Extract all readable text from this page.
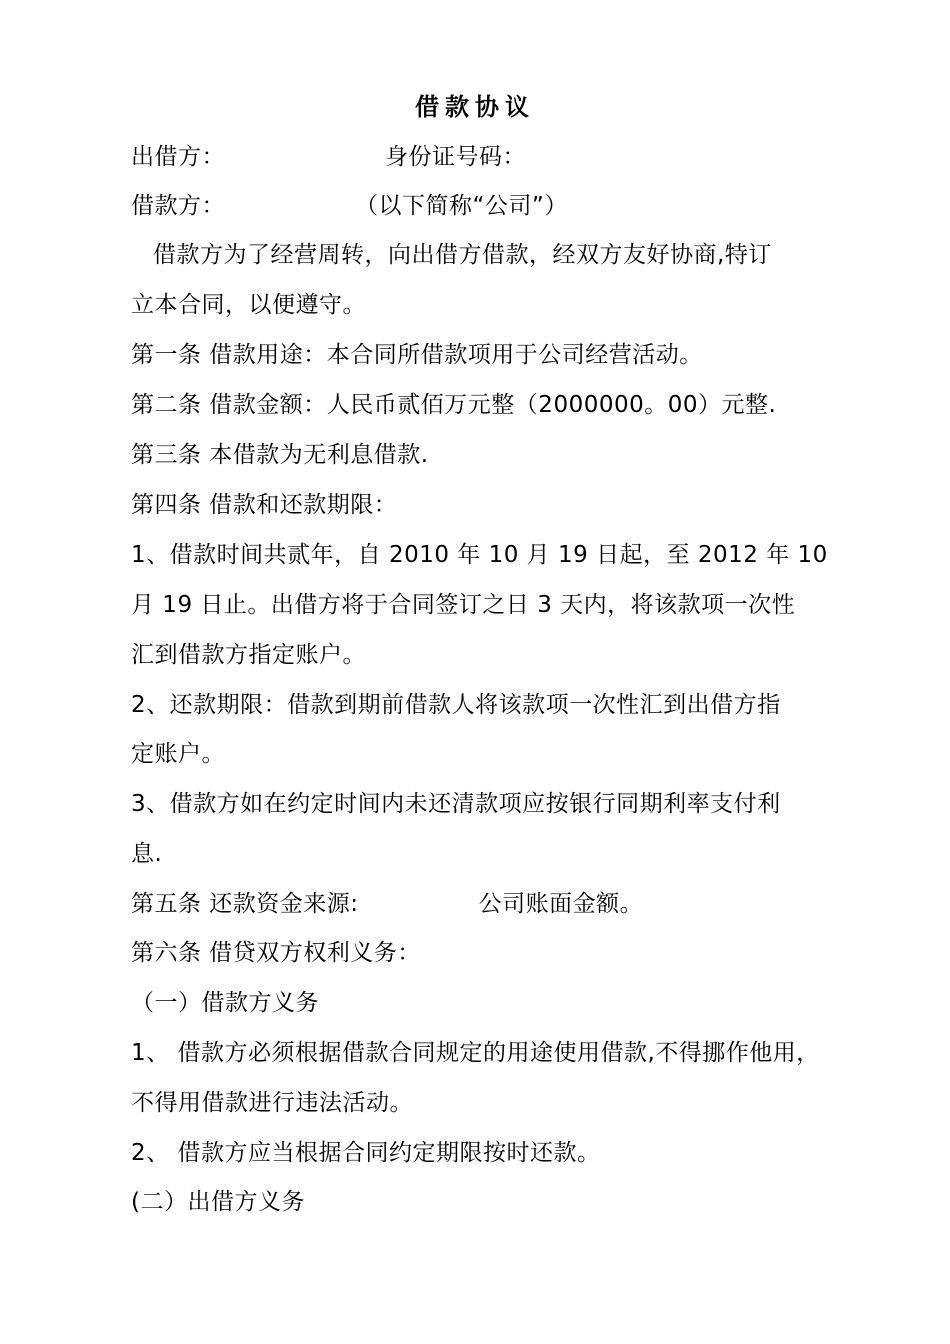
借款协议
出借方：	身份证号码：
借款方：	（以下简称“公司”）
借款方为了经营周转，向出借方借款，经双方友好协商,特订
立本合同，以便遵守。
第一条 借款用途：本合同所借款项用于公司经营活动。
第二条 借款金额：人民币贰佰万元整（2000000。00）元整.
第三条 本借款为无利息借款.
第四条 借款和还款期限：
1、借款时间共贰年，自 2010 年 10 月 19 日起，至 2012 年 10
月 19 日止。出借方将于合同签订之日 3 天内，将该款项一次性
汇到借款方指定账户。
2、还款期限：借款到期前借款人将该款项一次性汇到出借方指
定账户。
3、借款方如在约定时间内未还清款项应按银行同期利率支付利
息.
第五条 还款资金来源:	公司账面金额。
第六条 借贷双方权利义务：
（一）借款方义务
1、 借款方必须根据借款合同规定的用途使用借款,不得挪作他用，
不得用借款进行违法活动。
2、 借款方应当根据合同约定期限按时还款。
(二）出借方义务
